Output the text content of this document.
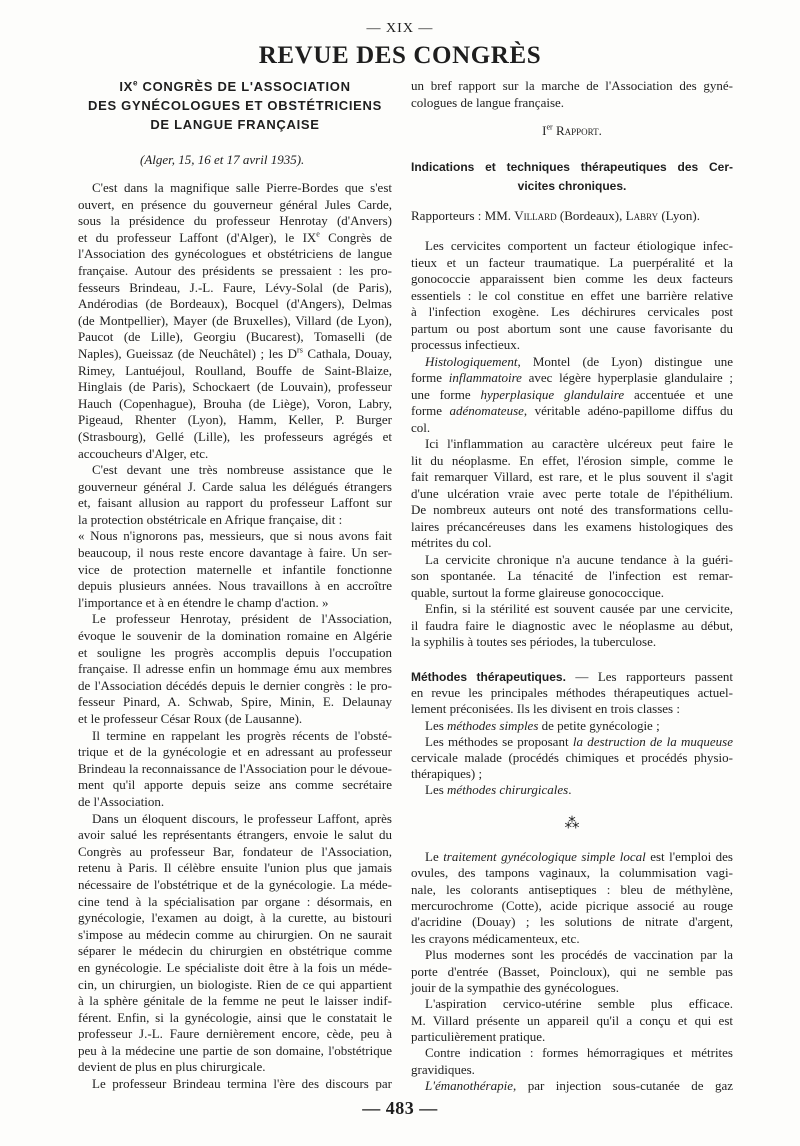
— XIX —
REVUE DES CONGRÈS
IXe CONGRÈS DE L'ASSOCIATION
DES GYNÉCOLOGUES ET OBSTÉTRICIENS
DE LANGUE FRANÇAISE
(Alger, 15, 16 et 17 avril 1935).
C'est dans la magnifique salle Pierre-Bordes que s'est
ouvert, en présence du gouverneur général Jules Carde,
sous la présidence du professeur Henrotay (d'Anvers)
et du professeur Laffont (d'Alger), le IXe Congrès de
l'Association des gynécologues et obstétriciens de langue
française. Autour des présidents se pressaient : les pro-
fesseurs Brindeau, J.-L. Faure, Lévy-Solal (de Paris),
Andérodias (de Bordeaux), Bocquel (d'Angers), Delmas
(de Montpellier), Mayer (de Bruxelles), Villard (de Lyon),
Paucot (de Lille), Georgiu (Bucarest), Tomaselli (de
Naples), Gueissaz (de Neuchâtel) ; les $D^{rs}$ Cathala, Douay,
Rimey, Lantuéjoul, Roulland, Bouffe de Saint-Blaize,
Hinglais (de Paris), Schockaert (de Louvain), professeur
Hauch (Copenhague), Brouha (de Liège), Voron, Labry,
Pigeaud, Rhenter (Lyon), Hamm, Keller, P. Burger
(Strasbourg), Gellé (Lille), les professeurs agrégés et
accoucheurs d'Alger, etc.
C'est devant une très nombreuse assistance que le
gouverneur général J. Carde salua les délégués étrangers
et, faisant allusion au rapport du professeur Laffont sur
la protection obstétricale en Afrique française, dit :
« Nous n'ignorons pas, messieurs, que si nous avons fait
beaucoup, il nous reste encore davantage à faire. Un ser-
vice de protection maternelle et infantile fonctionne
depuis plusieurs années. Nous travaillons à en accroître
l'importance et à en étendre le champ d'action. »
Le professeur Henrotay, président de l'Association,
évoque le souvenir de la domination romaine en Algérie
et souligne les progrès accomplis depuis l'occupation
française. Il adresse enfin un hommage ému aux membres
de l'Association décédés depuis le dernier congrès : le pro-
fesseur Pinard, A. Schwab, Spire, Minin, E. Delaunay
et le professeur César Roux (de Lausanne).
Il termine en rappelant les progrès récents de l'obsté-
trique et de la gynécologie et en adressant au professeur
Brindeau la reconnaissance de l'Association pour le dévoue-
ment qu'il apporte depuis seize ans comme secrétaire
de l'Association.
Dans un éloquent discours, le professeur Laffont, après
avoir salué les représentants étrangers, envoie le salut du
Congrès au professeur Bar, fondateur de l'Association,
retenu à Paris. Il célèbre ensuite l'union plus que jamais
nécessaire de l'obstétrique et de la gynécologie. La méde-
cine tend à la spécialisation par organe : désormais, en
gynécologie, l'examen au doigt, à la curette, au bistouri
s'impose au médecin comme au chirurgien. On ne saurait
séparer le médecin du chirurgien en obstétrique comme
en gynécologie. Le spécialiste doit être à la fois un méde-
cin, un chirurgien, un biologiste. Rien de ce qui appartient
à la sphère génitale de la femme ne peut le laisser indif-
férent. Enfin, si la gynécologie, ainsi que le constatait le
professeur J.-L. Faure dernièrement encore, cède, peu à
peu à la médecine une partie de son domaine, l'obstétrique
devient de plus en plus chirurgicale.
Le professeur Brindeau termina l'ère des discours par
un bref rapport sur la marche de l'Association des gyné-
cologues de langue française.
Ier Rapport.
Indications et techniques thérapeutiques des Cer-
vicites chroniques.
Rapporteurs : MM. Villard (Bordeaux), Labry (Lyon).
Les cervicites comportent un facteur étiologique infec-
tieux et un facteur traumatique. La puerpéralité et la
gonococcie apparaissent bien comme les deux facteurs
essentiels : le col constitue en effet une barrière relative
à l'infection exogène. Les déchirures cervicales post
partum ou post abortum sont une cause favorisante du
processus infectieux.
Histologiquement, Montel (de Lyon) distingue une
forme inflammatoire avec légère hyperplasie glandulaire ;
une forme hyperplasique glandulaire accentuée et une
forme adénomateuse, véritable adéno-papillome diffus du
col.
Ici l'inflammation au caractère ulcéreux peut faire le
lit du néoplasme. En effet, l'érosion simple, comme le
fait remarquer Villard, est rare, et le plus souvent il s'agit
d'une ulcération vraie avec perte totale de l'épithélium.
De nombreux auteurs ont noté des transformations cellu-
laires précancéreuses dans les examens histologiques des
métrites du col.
La cervicite chronique n'a aucune tendance à la guéri-
son spontanée. La ténacité de l'infection est remar-
quable, surtout la forme glaireuse gonococcique.
Enfin, si la stérilité est souvent causée par une cervicite,
il faudra faire le diagnostic avec le néoplasme au début,
la syphilis à toutes ses périodes, la tuberculose.
Méthodes thérapeutiques. — Les rapporteurs passent
en revue les principales méthodes thérapeutiques actuel-
lement préconisées. Ils les divisent en trois classes :
Les méthodes simples de petite gynécologie ;
Les méthodes se proposant la destruction de la muqueuse
cervicale malade (procédés chimiques et procédés physio-
thérapiques) ;
Les méthodes chirurgicales.
⁂
Le traitement gynécologique simple local est l'emploi des
ovules, des tampons vaginaux, la colummisation vagi-
nale, les colorants antiseptiques : bleu de méthylène,
mercurochrome (Cotte), acide picrique associé au rouge
d'acridine (Douay) ; les solutions de nitrate d'argent,
les crayons médicamenteux, etc.
Plus modernes sont les procédés de vaccination par la
porte d'entrée (Basset, Poincloux), qui ne semble pas
jouir de la sympathie des gynécologues.
L'aspiration cervico-utérine semble plus efficace.
M. Villard présente un appareil qu'il a conçu et qui est
particulièrement pratique.
Contre indication : formes hémorragiques et métrites
gravidiques.
L'émanothérapie, par injection sous-cutanée de gaz
— 483 —
